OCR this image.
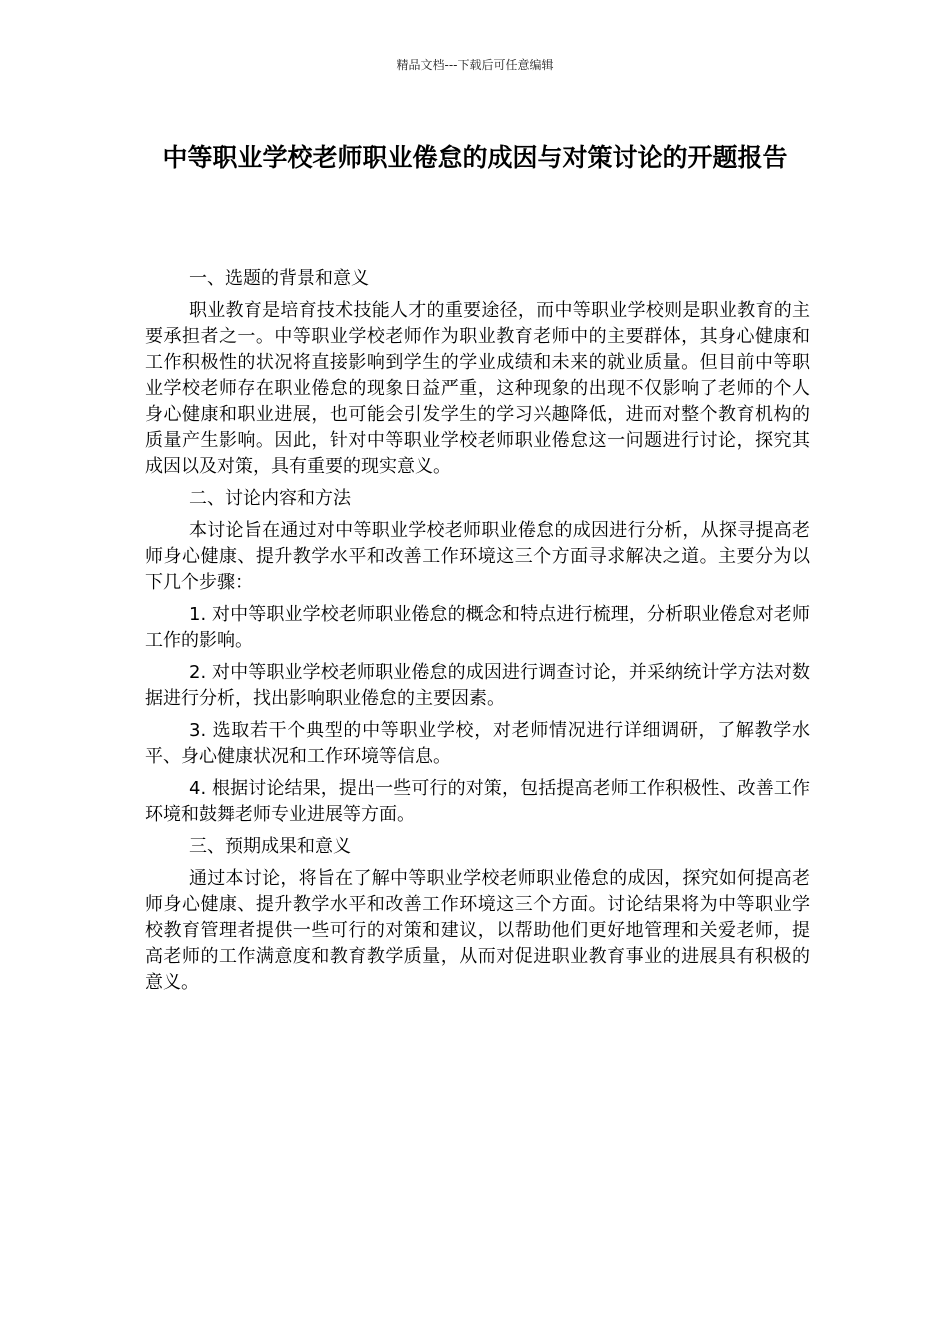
精品文档---下载后可任意编辑
中等职业学校老师职业倦怠的成因与对策讨论的开题报告

一、选题的背景和意义

职业教育是培育技术技能人才的重要途径，而中等职业学校则是职业教育的主要承担者之一。中等职业学校老师作为职业教育老师中的主要群体，其身心健康和工作积极性的状况将直接影响到学生的学业成绩和未来的就业质量。但目前中等职业学校老师存在职业倦怠的现象日益严重，这种现象的出现不仅影响了老师的个人身心健康和职业进展，也可能会引发学生的学习兴趣降低，进而对整个教育机构的质量产生影响。因此，针对中等职业学校老师职业倦怠这一问题进行讨论，探究其成因以及对策，具有重要的现实意义。

二、讨论内容和方法

本讨论旨在通过对中等职业学校老师职业倦怠的成因进行分析，从探寻提高老师身心健康、提升教学水平和改善工作环境这三个方面寻求解决之道。主要分为以下几个步骤：

1. 对中等职业学校老师职业倦怠的概念和特点进行梳理，分析职业倦怠对老师工作的影响。

2. 对中等职业学校老师职业倦怠的成因进行调查讨论，并采纳统计学方法对数据进行分析，找出影响职业倦怠的主要因素。

3. 选取若干个典型的中等职业学校，对老师情况进行详细调研，了解教学水平、身心健康状况和工作环境等信息。

4. 根据讨论结果，提出一些可行的对策，包括提高老师工作积极性、改善工作环境和鼓舞老师专业进展等方面。

三、预期成果和意义

通过本讨论，将旨在了解中等职业学校老师职业倦怠的成因，探究如何提高老师身心健康、提升教学水平和改善工作环境这三个方面。讨论结果将为中等职业学校教育管理者提供一些可行的对策和建议，以帮助他们更好地管理和关爱老师，提高老师的工作满意度和教育教学质量，从而对促进职业教育事业的进展具有积极的意义。
